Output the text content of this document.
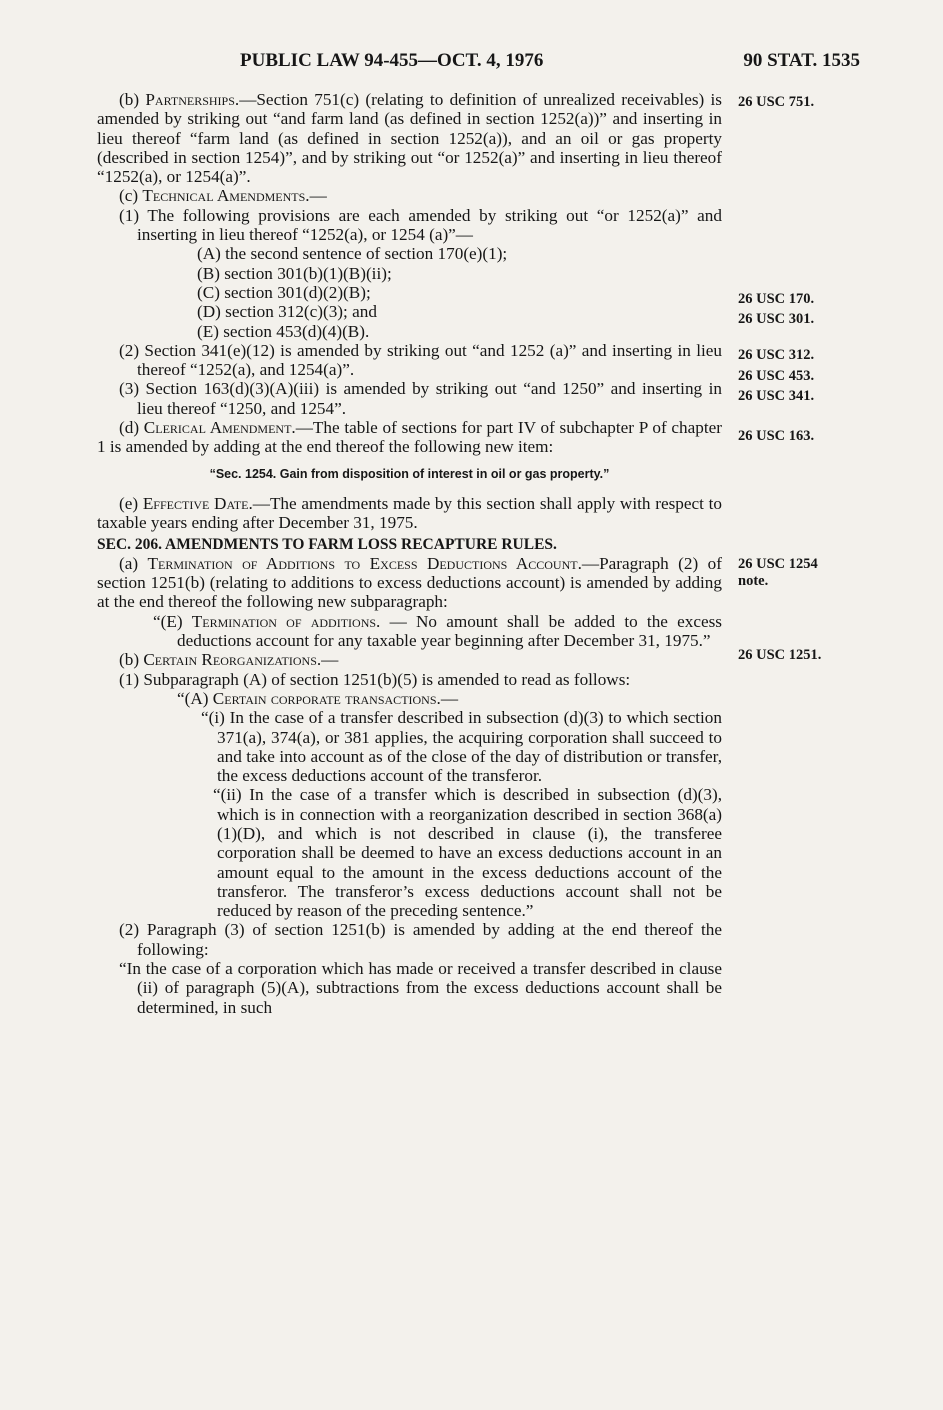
PUBLIC LAW 94-455—OCT. 4, 1976	90 STAT. 1535

(b) Partnerships.—Section 751(c) (relating to definition of unrealized receivables) is amended by striking out “and farm land (as defined in section 1252(a))” and inserting in lieu thereof “farm land (as defined in section 1252(a)), and an oil or gas property (described in section 1254)”, and by striking out “or 1252(a)” and inserting in lieu thereof “1252(a), or 1254(a)”.

(c) Technical Amendments.—

(1) The following provisions are each amended by striking out “or 1252(a)” and inserting in lieu thereof “1252(a), or 1254 (a)”—

(A) the second sentence of section 170(e)(1);

(B) section 301(b)(1)(B)(ii);

(C) section 301(d)(2)(B);

(D) section 312(c)(3); and

(E) section 453(d)(4)(B).

(2) Section 341(e)(12) is amended by striking out “and 1252 (a)” and inserting in lieu thereof “1252(a), and 1254(a)”.

(3) Section 163(d)(3)(A)(iii) is amended by striking out “and 1250” and inserting in lieu thereof “1250, and 1254”.

(d) Clerical Amendment.—The table of sections for part IV of subchapter P of chapter 1 is amended by adding at the end thereof the following new item:

“Sec. 1254. Gain from disposition of interest in oil or gas property.”

(e) Effective Date.—The amendments made by this section shall apply with respect to taxable years ending after December 31, 1975.

SEC. 206. AMENDMENTS TO FARM LOSS RECAPTURE RULES.

(a) Termination of Additions to Excess Deductions Account.—Paragraph (2) of section 1251(b) (relating to additions to excess deductions account) is amended by adding at the end thereof the following new subparagraph:

“(E) Termination of additions. — No amount shall be added to the excess deductions account for any taxable year beginning after December 31, 1975.”

(b) Certain Reorganizations.—

(1) Subparagraph (A) of section 1251(b)(5) is amended to read as follows:

“(A) Certain corporate transactions.—

“(i) In the case of a transfer described in subsection (d)(3) to which section 371(a), 374(a), or 381 applies, the acquiring corporation shall succeed to and take into account as of the close of the day of distribution or transfer, the excess deductions account of the transferor.

“(ii) In the case of a transfer which is described in subsection (d)(3), which is in connection with a reorganization described in section 368(a)(1)(D), and which is not described in clause (i), the transferee corporation shall be deemed to have an excess deductions account in an amount equal to the amount in the excess deductions account of the transferor. The transferor’s excess deductions account shall not be reduced by reason of the preceding sentence.”

(2) Paragraph (3) of section 1251(b) is amended by adding at the end thereof the following:

“In the case of a corporation which has made or received a transfer described in clause (ii) of paragraph (5)(A), subtractions from the excess deductions account shall be determined, in such

26 USC 751.
26 USC 170.
26 USC 301.
26 USC 312.
26 USC 453.
26 USC 341.
26 USC 163.
26 USC 1254
note.
26 USC 1251.
